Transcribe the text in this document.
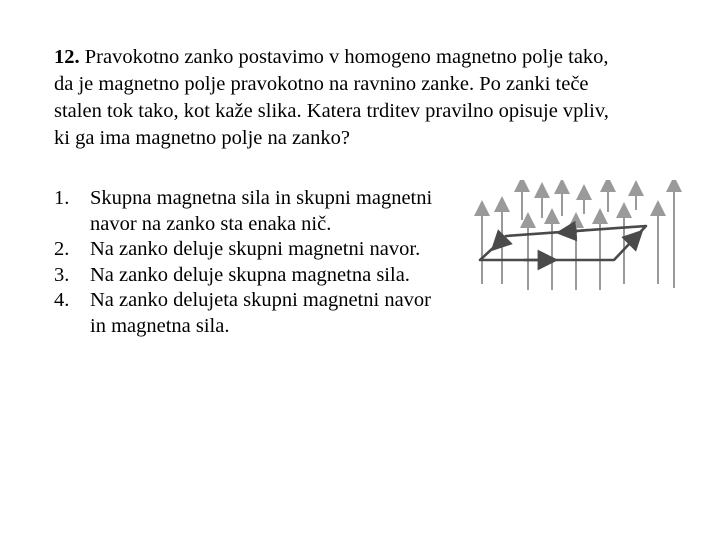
12. Pravokotno zanko postavimo v homogeno magnetno polje tako,
da je magnetno polje pravokotno na ravnino zanke. Po zanki teče
stalen tok tako, kot kaže slika. Katera trditev pravilno opisuje vpliv,
ki ga ima magnetno polje na zanko?
1. Skupna magnetna sila in skupni magnetni
navor na zanko sta enaka nič.
2. Na zanko deluje skupni magnetni navor.
3. Na zanko deluje skupna magnetna sila.
4. Na zanko delujeta skupni magnetni navor
in magnetna sila.
